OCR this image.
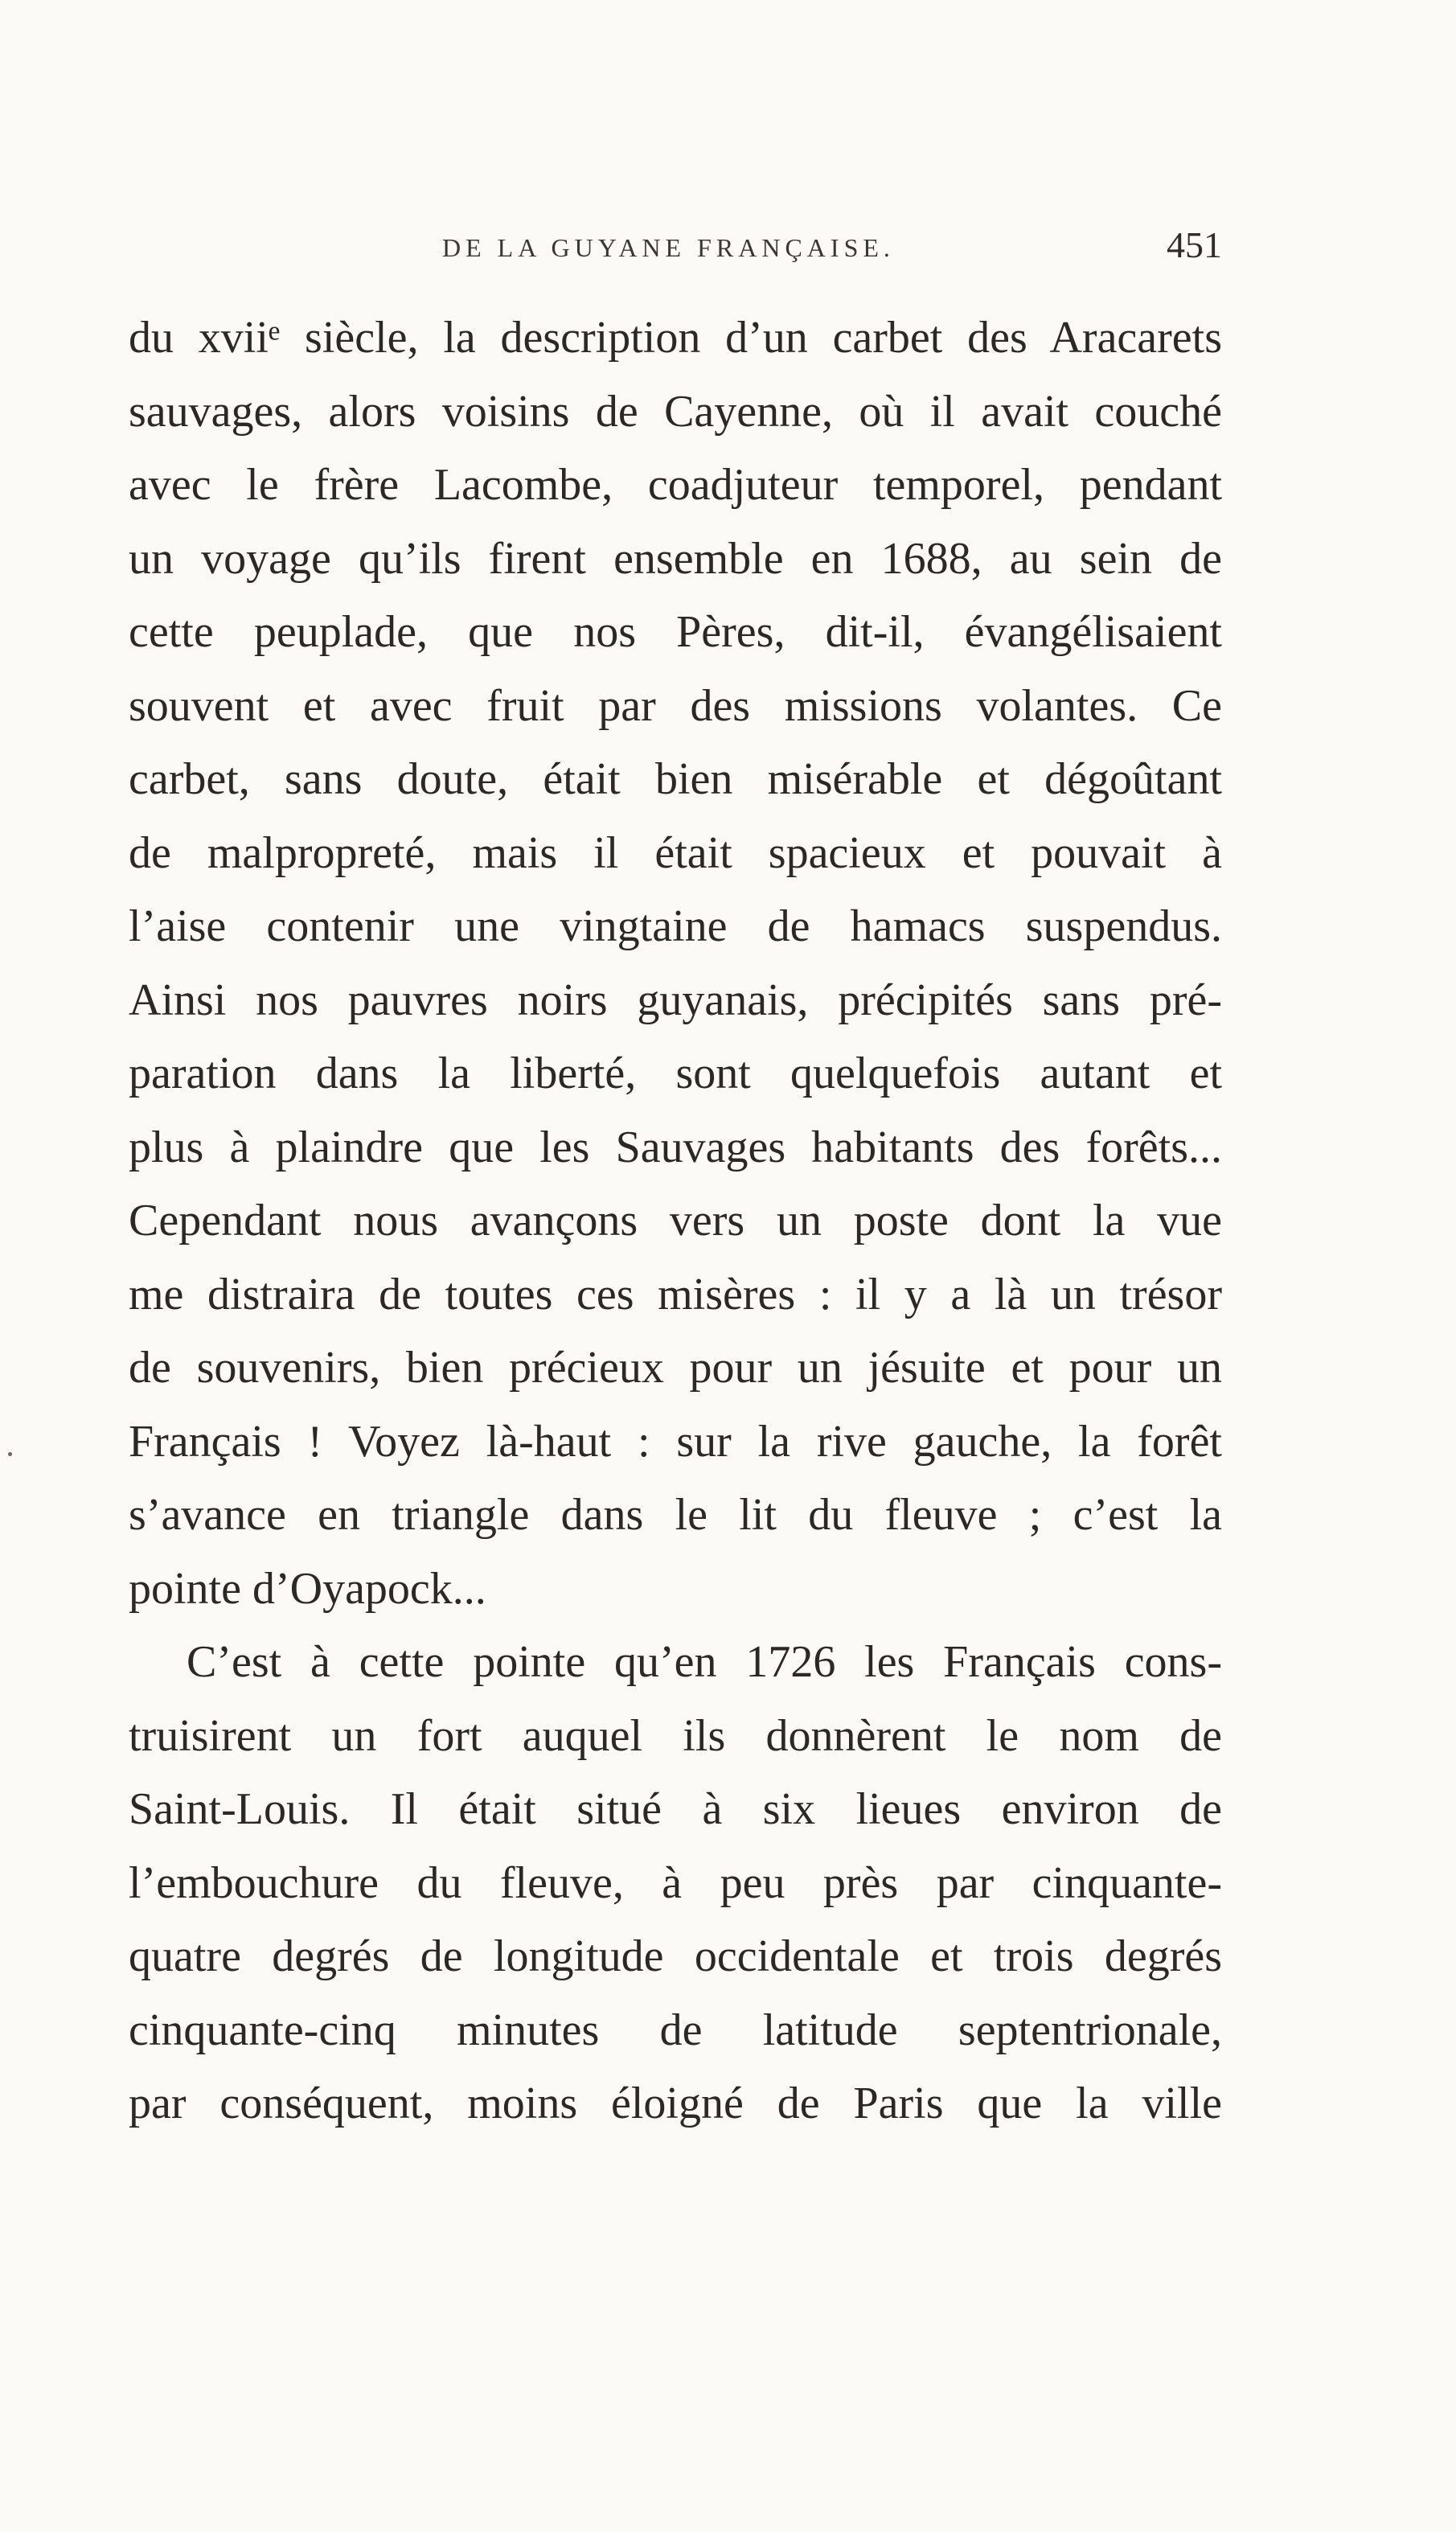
DE LA GUYANE FRANÇAISE.	451
du xviiᵉ siècle, la description d’un carbet des Aracarets
sauvages, alors voisins de Cayenne, où il avait couché
avec le frère Lacombe, coadjuteur temporel, pendant
un voyage qu’ils firent ensemble en 1688, au sein de
cette peuplade, que nos Pères, dit-il, évangélisaient
souvent et avec fruit par des missions volantes. Ce
carbet, sans doute, était bien misérable et dégoûtant
de malpropreté, mais il était spacieux et pouvait à
l’aise contenir une vingtaine de hamacs suspendus.
Ainsi nos pauvres noirs guyanais, précipités sans pré-
paration dans la liberté, sont quelquefois autant et
plus à plaindre que les Sauvages habitants des forêts...
Cependant nous avançons vers un poste dont la vue
me distraira de toutes ces misères : il y a là un trésor
de souvenirs, bien précieux pour un jésuite et pour un
Français ! Voyez là-haut : sur la rive gauche, la forêt
s’avance en triangle dans le lit du fleuve ; c’est la
pointe d’Oyapock...
C’est à cette pointe qu’en 1726 les Français cons-
truisirent un fort auquel ils donnèrent le nom de
Saint-Louis. Il était situé à six lieues environ de
l’embouchure du fleuve, à peu près par cinquante-
quatre degrés de longitude occidentale et trois degrés
cinquante-cinq minutes de latitude septentrionale,
par conséquent, moins éloigné de Paris que la ville
